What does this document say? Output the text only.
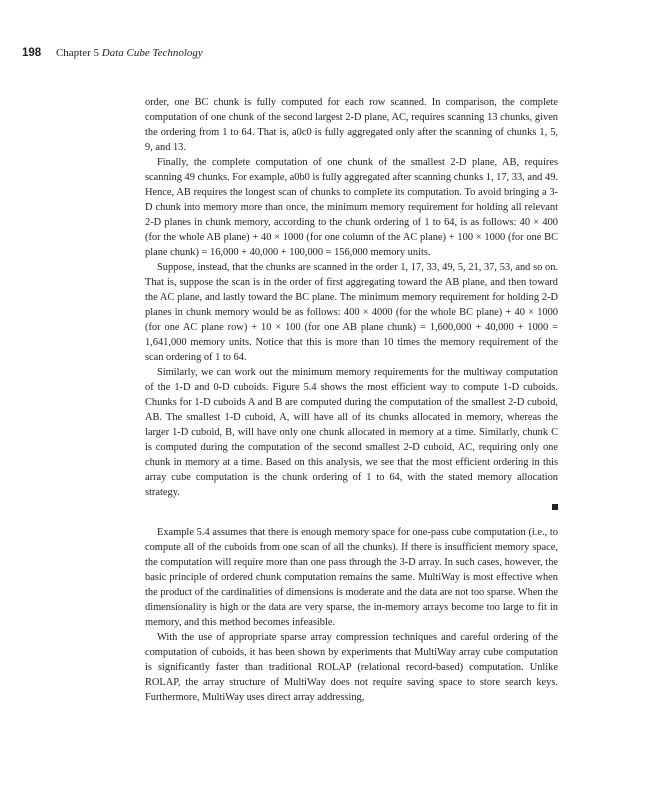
198 Chapter 5 Data Cube Technology

order, one BC chunk is fully computed for each row scanned. In comparison, the complete computation of one chunk of the second largest 2-D plane, AC, requires scanning 13 chunks, given the ordering from 1 to 64. That is, a0c0 is fully aggregated only after the scanning of chunks 1, 5, 9, and 13.

Finally, the complete computation of one chunk of the smallest 2-D plane, AB, requires scanning 49 chunks. For example, a0b0 is fully aggregated after scanning chunks 1, 17, 33, and 49. Hence, AB requires the longest scan of chunks to complete its computation. To avoid bringing a 3-D chunk into memory more than once, the minimum memory requirement for holding all relevant 2-D planes in chunk memory, according to the chunk ordering of 1 to 64, is as follows: 40 × 400 (for the whole AB plane) + 40 × 1000 (for one column of the AC plane) + 100 × 1000 (for one BC plane chunk) = 16,000 + 40,000 + 100,000 = 156,000 memory units.

Suppose, instead, that the chunks are scanned in the order 1, 17, 33, 49, 5, 21, 37, 53, and so on. That is, suppose the scan is in the order of first aggregating toward the AB plane, and then toward the AC plane, and lastly toward the BC plane. The minimum memory requirement for holding 2-D planes in chunk memory would be as follows: 400 × 4000 (for the whole BC plane) + 40 × 1000 (for one AC plane row) + 10 × 100 (for one AB plane chunk) = 1,600,000 + 40,000 + 1000 = 1,641,000 memory units. Notice that this is more than 10 times the memory requirement of the scan ordering of 1 to 64.

Similarly, we can work out the minimum memory requirements for the multiway computation of the 1-D and 0-D cuboids. Figure 5.4 shows the most efficient way to compute 1-D cuboids. Chunks for 1-D cuboids A and B are computed during the computation of the smallest 2-D cuboid, AB. The smallest 1-D cuboid, A, will have all of its chunks allocated in memory, whereas the larger 1-D cuboid, B, will have only one chunk allocated in memory at a time. Similarly, chunk C is computed during the computation of the second smallest 2-D cuboid, AC, requiring only one chunk in memory at a time. Based on this analysis, we see that the most efficient ordering in this array cube computation is the chunk ordering of 1 to 64, with the stated memory allocation strategy.

Example 5.4 assumes that there is enough memory space for one-pass cube computation (i.e., to compute all of the cuboids from one scan of all the chunks). If there is insufficient memory space, the computation will require more than one pass through the 3-D array. In such cases, however, the basic principle of ordered chunk computation remains the same. MultiWay is most effective when the product of the cardinalities of dimensions is moderate and the data are not too sparse. When the dimensionality is high or the data are very sparse, the in-memory arrays become too large to fit in memory, and this method becomes infeasible.

With the use of appropriate sparse array compression techniques and careful ordering of the computation of cuboids, it has been shown by experiments that MultiWay array cube computation is significantly faster than traditional ROLAP (relational record-based) computation. Unlike ROLAP, the array structure of MultiWay does not require saving space to store search keys. Furthermore, MultiWay uses direct array addressing,
